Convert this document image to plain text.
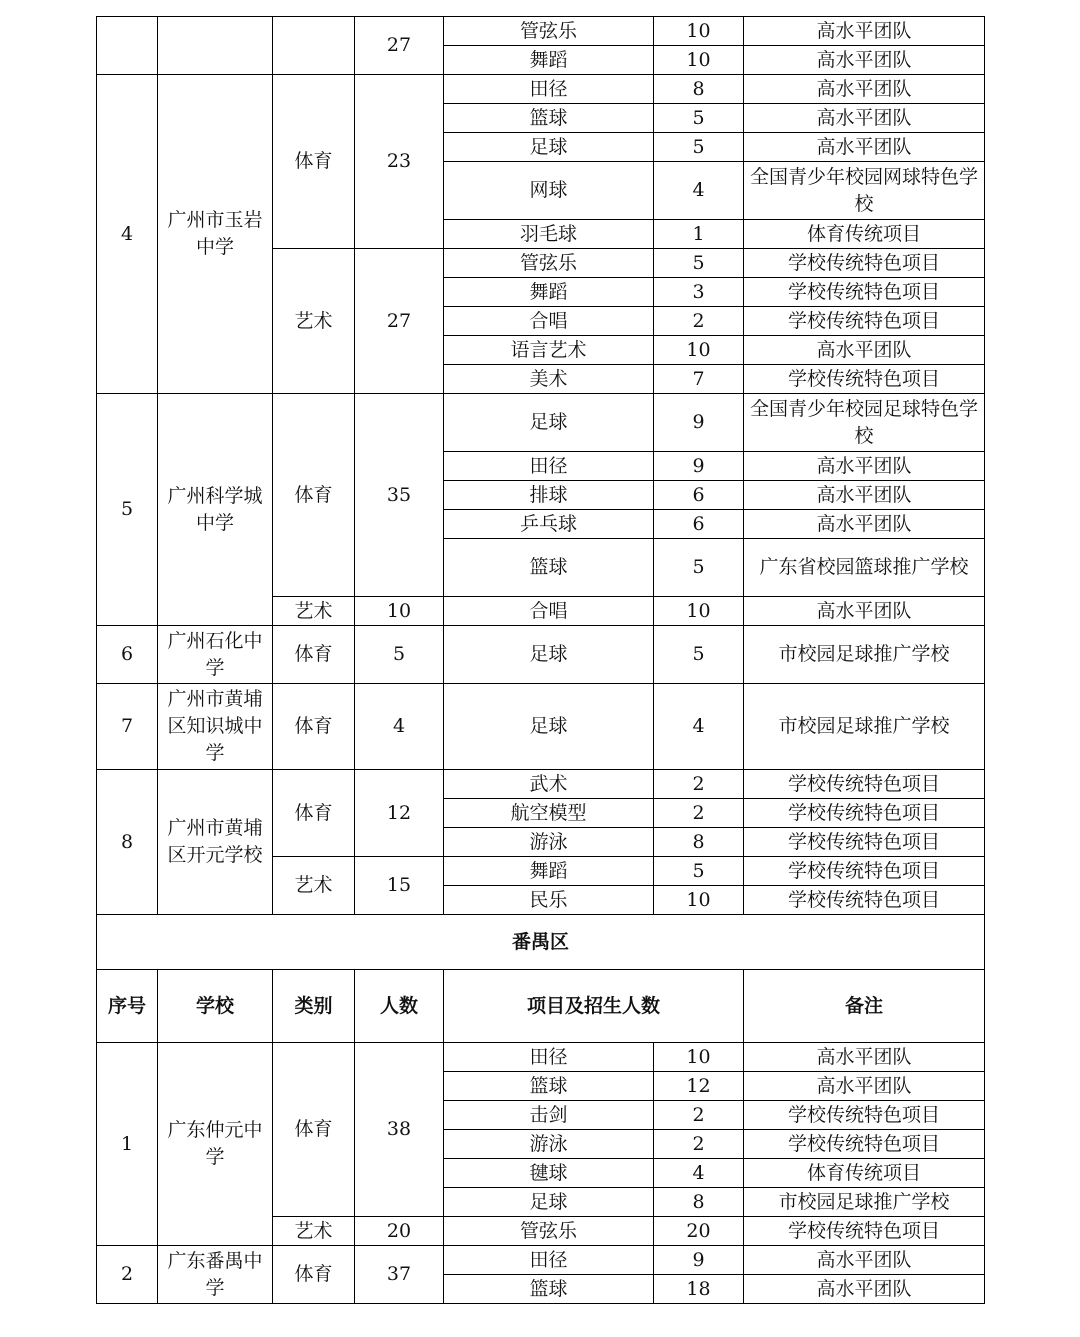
			27	管弦乐	10	高水平团队
				舞蹈	10	高水平团队
4	广州市玉岩中学	体育	23	田径	8	高水平团队
				篮球	5	高水平团队
				足球	5	高水平团队
				网球	4	全国青少年校园网球特色学校
				羽毛球	1	体育传统项目
		艺术	27	管弦乐	5	学校传统特色项目
				舞蹈	3	学校传统特色项目
				合唱	2	学校传统特色项目
				语言艺术	10	高水平团队
				美术	7	学校传统特色项目
5	广州科学城中学	体育	35	足球	9	全国青少年校园足球特色学校
				田径	9	高水平团队
				排球	6	高水平团队
				乒乓球	6	高水平团队
				篮球	5	广东省校园篮球推广学校
		艺术	10	合唱	10	高水平团队
6	广州石化中学	体育	5	足球	5	市校园足球推广学校
7	广州市黄埔区知识城中学	体育	4	足球	4	市校园足球推广学校
8	广州市黄埔区开元学校	体育	12	武术	2	学校传统特色项目
				航空模型	2	学校传统特色项目
				游泳	8	学校传统特色项目
		艺术	15	舞蹈	5	学校传统特色项目
				民乐	10	学校传统特色项目
番禺区						
序号	学校	类别	人数	项目及招生人数		备注
1	广东仲元中学	体育	38	田径	10	高水平团队
				篮球	12	高水平团队
				击剑	2	学校传统特色项目
				游泳	2	学校传统特色项目
				毽球	4	体育传统项目
				足球	8	市校园足球推广学校
		艺术	20	管弦乐	20	学校传统特色项目
2	广东番禺中学	体育	37	田径	9	高水平团队
				篮球	18	高水平团队
